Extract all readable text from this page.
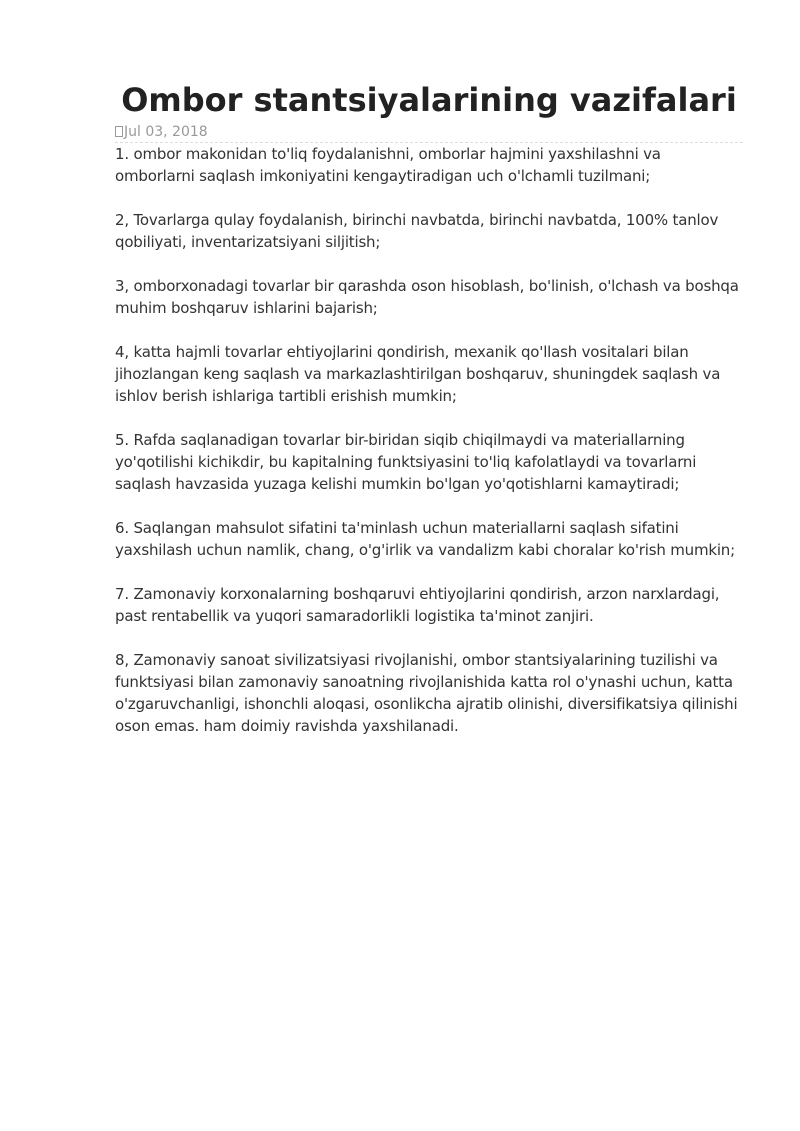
Ombor stantsiyalarining vazifalari
Jul 03, 2018

1. ombor makonidan to'liq foydalanishni, omborlar hajmini yaxshilashni va omborlarni saqlash imkoniyatini kengaytiradigan uch o'lchamli tuzilmani;

2, Tovarlarga qulay foydalanish, birinchi navbatda, birinchi navbatda, 100% tanlov qobiliyati, inventarizatsiyani siljitish;

3, omborxonadagi tovarlar bir qarashda oson hisoblash, bo'linish, o'lchash va boshqa muhim boshqaruv ishlarini bajarish;

4, katta hajmli tovarlar ehtiyojlarini qondirish, mexanik qo'llash vositalari bilan jihozlangan keng saqlash va markazlashtirilgan boshqaruv, shuningdek saqlash va ishlov berish ishlariga tartibli erishish mumkin;

5. Rafda saqlanadigan tovarlar bir-biridan siqib chiqilmaydi va materiallarning yo'qotilishi kichikdir, bu kapitalning funktsiyasini to'liq kafolatlaydi va tovarlarni saqlash havzasida yuzaga kelishi mumkin bo'lgan yo'qotishlarni kamaytiradi;

6. Saqlangan mahsulot sifatini ta'minlash uchun materiallarni saqlash sifatini yaxshilash uchun namlik, chang, o'g'irlik va vandalizm kabi choralar ko'rish mumkin;

7. Zamonaviy korxonalarning boshqaruvi ehtiyojlarini qondirish, arzon narxlardagi, past rentabellik va yuqori samaradorlikli logistika ta'minot zanjiri.

8, Zamonaviy sanoat sivilizatsiyasi rivojlanishi, ombor stantsiyalarining tuzilishi va funktsiyasi bilan zamonaviy sanoatning rivojlanishida katta rol o'ynashi uchun, katta o'zgaruvchanligi, ishonchli aloqasi, osonlikcha ajratib olinishi, diversifikatsiya qilinishi oson emas. ham doimiy ravishda yaxshilanadi.
